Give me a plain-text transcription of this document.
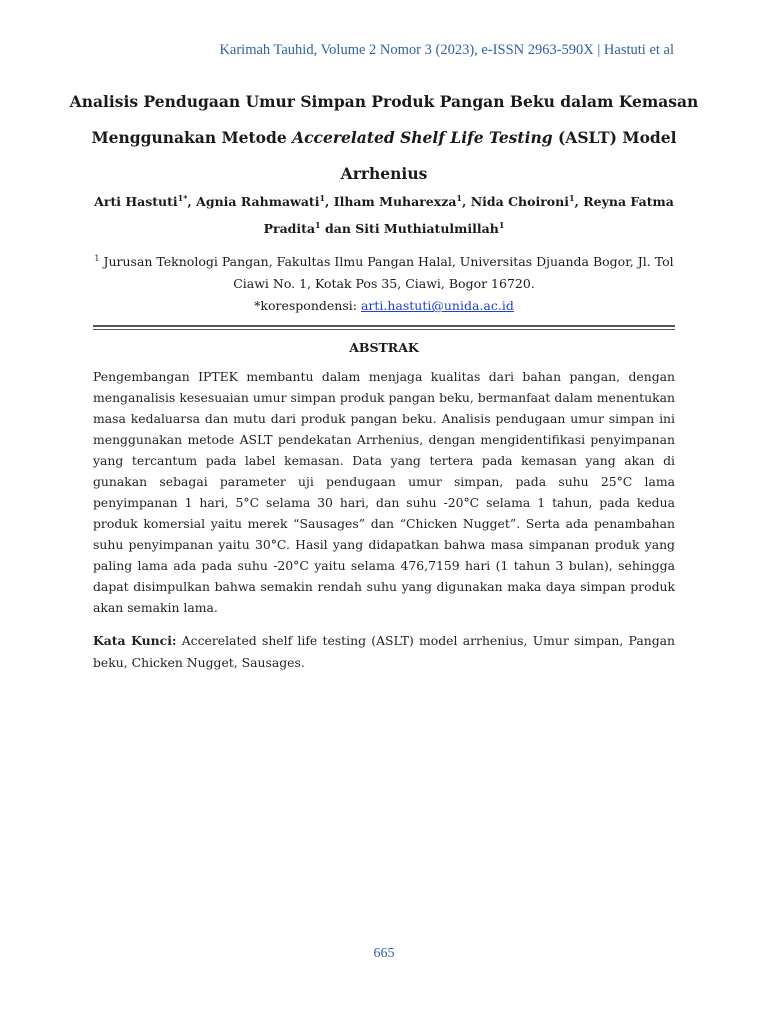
Karimah Tauhid, Volume 2 Nomor 3 (2023), e-ISSN 2963-590X | Hastuti et al
Analisis Pendugaan Umur Simpan Produk Pangan Beku dalam Kemasan Menggunakan Metode Accerelated Shelf Life Testing (ASLT) Model Arrhenius
Arti Hastuti$^{1*}$, Agnia Rahmawati$^1$, Ilham Muharexza$^1$, Nida Choironi$^1$, Reyna Fatma Pradita$^1$ dan Siti Muthiatulmillah$^1$
$^1$ Jurusan Teknologi Pangan, Fakultas Ilmu Pangan Halal, Universitas Djuanda Bogor, Jl. Tol Ciawi No. 1, Kotak Pos 35, Ciawi, Bogor 16720.
*korespondensi: arti.hastuti@unida.ac.id
ABSTRAK
Pengembangan IPTEK membantu dalam menjaga kualitas dari bahan pangan, dengan menganalisis kesesuaian umur simpan produk pangan beku, bermanfaat dalam menentukan masa kedaluarsa dan mutu dari produk pangan beku. Analisis pendugaan umur simpan ini menggunakan metode ASLT pendekatan Arrhenius, dengan mengidentifikasi penyimpanan yang tercantum pada label kemasan. Data yang tertera pada kemasan yang akan di gunakan sebagai parameter uji pendugaan umur simpan, pada suhu 25°C lama penyimpanan 1 hari, 5°C selama 30 hari, dan suhu -20°C selama 1 tahun, pada kedua produk komersial yaitu merek “Sausages” dan “Chicken Nugget”. Serta ada penambahan suhu penyimpanan yaitu 30°C. Hasil yang didapatkan bahwa masa simpanan produk yang paling lama ada pada suhu -20°C yaitu selama 476,7159 hari (1 tahun 3 bulan), sehingga dapat disimpulkan bahwa semakin rendah suhu yang digunakan maka daya simpan produk akan semakin lama.
Kata Kunci: Accerelated shelf life testing (ASLT) model arrhenius, Umur simpan, Pangan beku, Chicken Nugget, Sausages.
665
